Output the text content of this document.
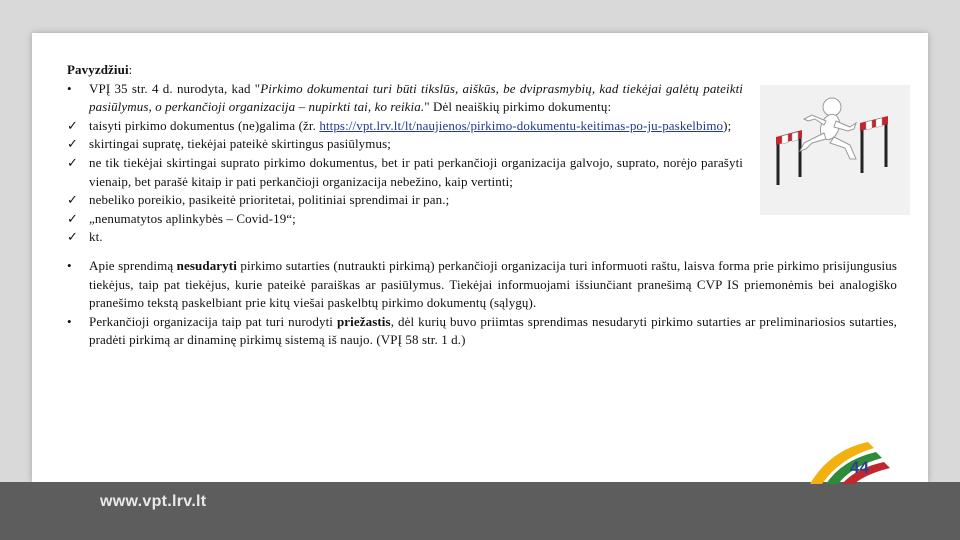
Pavyzdžiui:

•	VPĮ 35 str. 4 d. nurodyta, kad "Pirkimo dokumentai turi būti tikslūs, aiškūs, be dviprasmybių, kad tiekėjai galėtų pateikti pasiūlymus, o perkančioji organizacija – nupirkti tai, ko reikia." Dėl neaiškių pirkimo dokumentų:
✓ taisyti pirkimo dokumentus (ne)galima (žr. https://vpt.lrv.lt/lt/naujienos/pirkimo-dokumentu-keitimas-po-ju-paskelbimo);
✓ skirtingai supratę, tiekėjai pateikė skirtingus pasiūlymus;
✓ ne tik tiekėjai skirtingai suprato pirkimo dokumentus, bet ir pati perkančioji organizacija galvojo, suprato, norėjo parašyti vienaip, bet parašė kitaip ir pati perkančioji organizacija nebežino, kaip vertinti;
✓ nebeliko poreikio, pasikeitė prioritetai, politiniai sprendimai ir pan.;
✓ „nenumatytos aplinkybės – Covid-19“;
✓ kt.
•	Apie sprendimą nesudaryti pirkimo sutarties (nutraukti pirkimą) perkančioji organizacija turi informuoti raštu, laisva forma prie pirkimo prisijungusius tiekėjus, taip pat tiekėjus, kurie pateikė paraiškas ar pasiūlymus. Tiekėjai informuojami išsiunčiant pranešimą CVP IS priemonėmis bei analogiško pranešimo tekstą paskelbiant prie kitų viešai paskelbtų pirkimo dokumentų (sąlygų).
•	Perkančioji organizacija taip pat turi nurodyti priežastis, dėl kurių buvo priimtas sprendimas nesudaryti pirkimo sutarties ar preliminariosios sutarties, pradėti pirkimą ar dinaminę pirkimų sistemą iš naujo. (VPĮ 58 str. 1 d.)
www.vpt.lrv.lt
44
